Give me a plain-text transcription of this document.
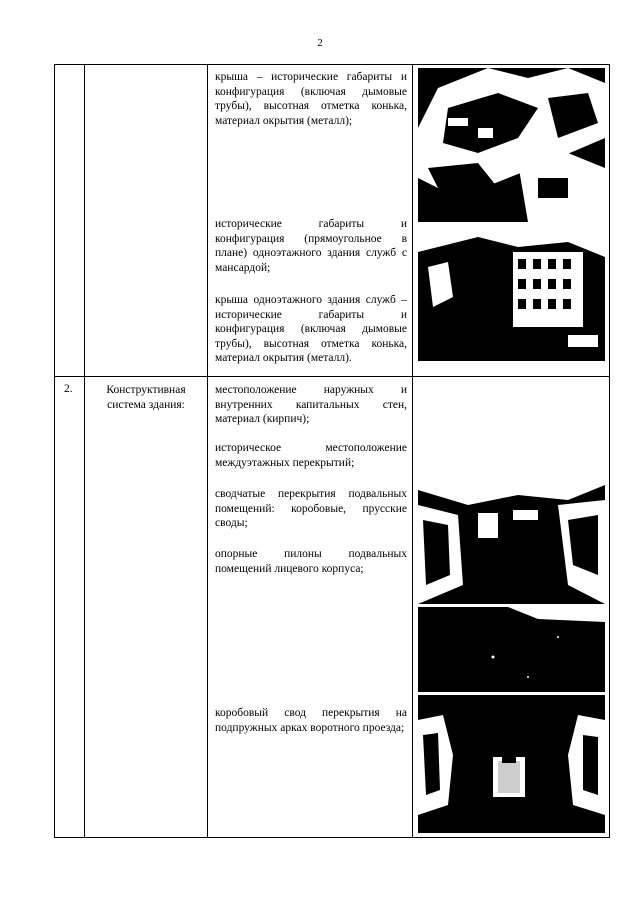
2
крыша – исторические габариты и конфигурация (включая дымовые трубы), высотная отметка конька, материал окрытия (металл);
исторические габариты и конфигурация (прямоугольное в плане) одноэтажного здания служб с мансардой;
крыша одноэтажного здания служб – исторические габариты и конфигурация (включая дымовые трубы), высотная отметка конька, материал окрытия (металл).
2.	Конструктивная система здания:
местоположение наружных и внутренних капитальных стен, материал (кирпич);
историческое местоположение междуэтажных перекрытий;
сводчатые перекрытия подвальных помещений: коробовые, прусские своды;
опорные пилоны подвальных помещений лицевого корпуса;
коробовый свод перекрытия на подпружных арках воротного проезда;
